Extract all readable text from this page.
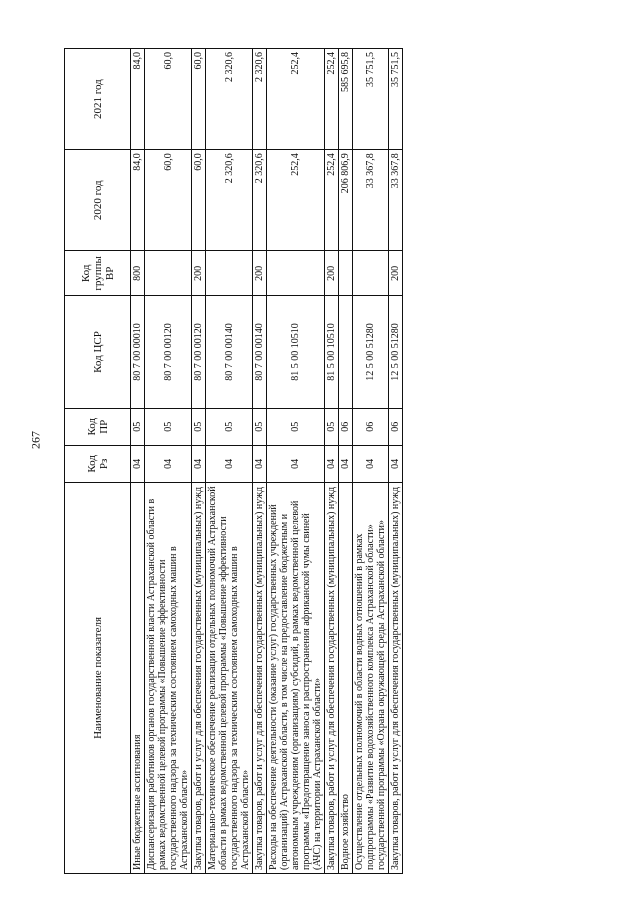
267
Наименование показателя	Код Рз	Код ПР	Код ЦСР	Код группы ВР	2020 год	2021 год
Иные бюджетные ассигнования	04	05	80 7 00 00010	800	84,0	84,0
Диспансеризация работников органов государственной власти Астраханской области в рамках ведомственной целевой программы «Повышение эффективности государственного надзора за техническим состоянием самоходных машин в Астраханской области»	04	05	80 7 00 00120		60,0	60,0
Закупка товаров, работ и услуг для обеспечения государственных (муниципальных) нужд	04	05	80 7 00 00120	200	60,0	60,0
Материально-техническое обеспечение реализации отдельных полномочий Астраханской области в рамках ведомственной целевой программы «Повышение эффективности государственного надзора за техническим состоянием самоходных машин в Астраханской области»	04	05	80 7 00 00140		2 320,6	2 320,6
Закупка товаров, работ и услуг для обеспечения государственных (муниципальных) нужд	04	05	80 7 00 00140	200	2 320,6	2 320,6
Расходы на обеспечение деятельности (оказание услуг) государственных учреждений (организаций) Астраханской области, в том числе на предоставление бюджетным и автономным учреждениям (организациям) субсидий, в рамках ведомственной целевой программы «Предотвращение заноса и распространения африканской чумы свиней (АЧС) на территории Астраханской области»	04	05	81 5 00 10510		252,4	252,4
Закупка товаров, работ и услуг для обеспечения государственных (муниципальных) нужд	04	05	81 5 00 10510	200	252,4	252,4
Водное хозяйство	04	06			206 806,9	585 695,8
Осуществление отдельных полномочий в области водных отношений в рамках подпрограммы «Развитие водохозяйственного комплекса Астраханской области» государственной программы «Охрана окружающей среды Астраханской области»	04	06	12 5 00 51280		33 367,8	35 751,5
Закупка товаров, работ и услуг для обеспечения государственных (муниципальных) нужд	04	06	12 5 00 51280	200	33 367,8	35 751,5
